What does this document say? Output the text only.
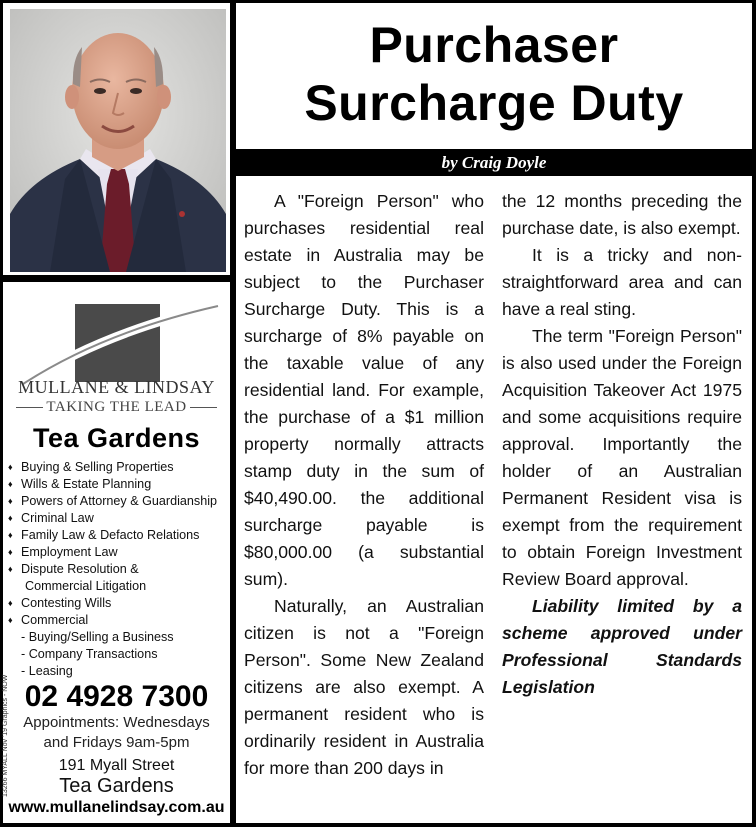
Purchaser
Surcharge Duty
by Craig Doyle

A "Foreign Person" who purchases residential real estate in Australia may be subject to the Purchaser Surcharge Duty. This is a surcharge of 8% payable on the taxable value of any residential land. For example, the purchase of a $1 million property normally attracts stamp duty in the sum of $40,490.00. the additional surcharge payable is $80,000.00 (a substantial sum).

Naturally, an Australian citizen is not a "Foreign Person". Some New Zealand citizens are also exempt. A permanent resident who is ordinarily resident in Australia for more than 200 days in

the 12 months preceding the purchase date, is also exempt.

It is a tricky and non-straightforward area and can have a real sting.

The term "Foreign Person" is also used under the Foreign Acquisition Takeover Act 1975 and some acquisitions require approval. Importantly the holder of an Australian Permanent Resident visa is exempt from the requirement to obtain Foreign Investment Review Board approval.

Liability limited by a scheme approved under Professional Standards Legislation

MULLANE & LINDSAY
TAKING THE LEAD
Tea Gardens
♦ Buying & Selling Properties
♦ Wills & Estate Planning
♦ Powers of Attorney & Guardianship
♦ Criminal Law
♦ Family Law & Defacto Relations
♦ Employment Law
♦ Dispute Resolution &
Commercial Litigation
♦ Contesting Wills
♦ Commercial
- Buying/Selling a Business
- Company Transactions
- Leasing
02 4928 7300
Appointments: Wednesdays
and Fridays 9am-5pm
191 Myall Street
Tea Gardens
www.mullanelindsay.com.au
13266 MYALL Nov '19 Graphics - NOW
